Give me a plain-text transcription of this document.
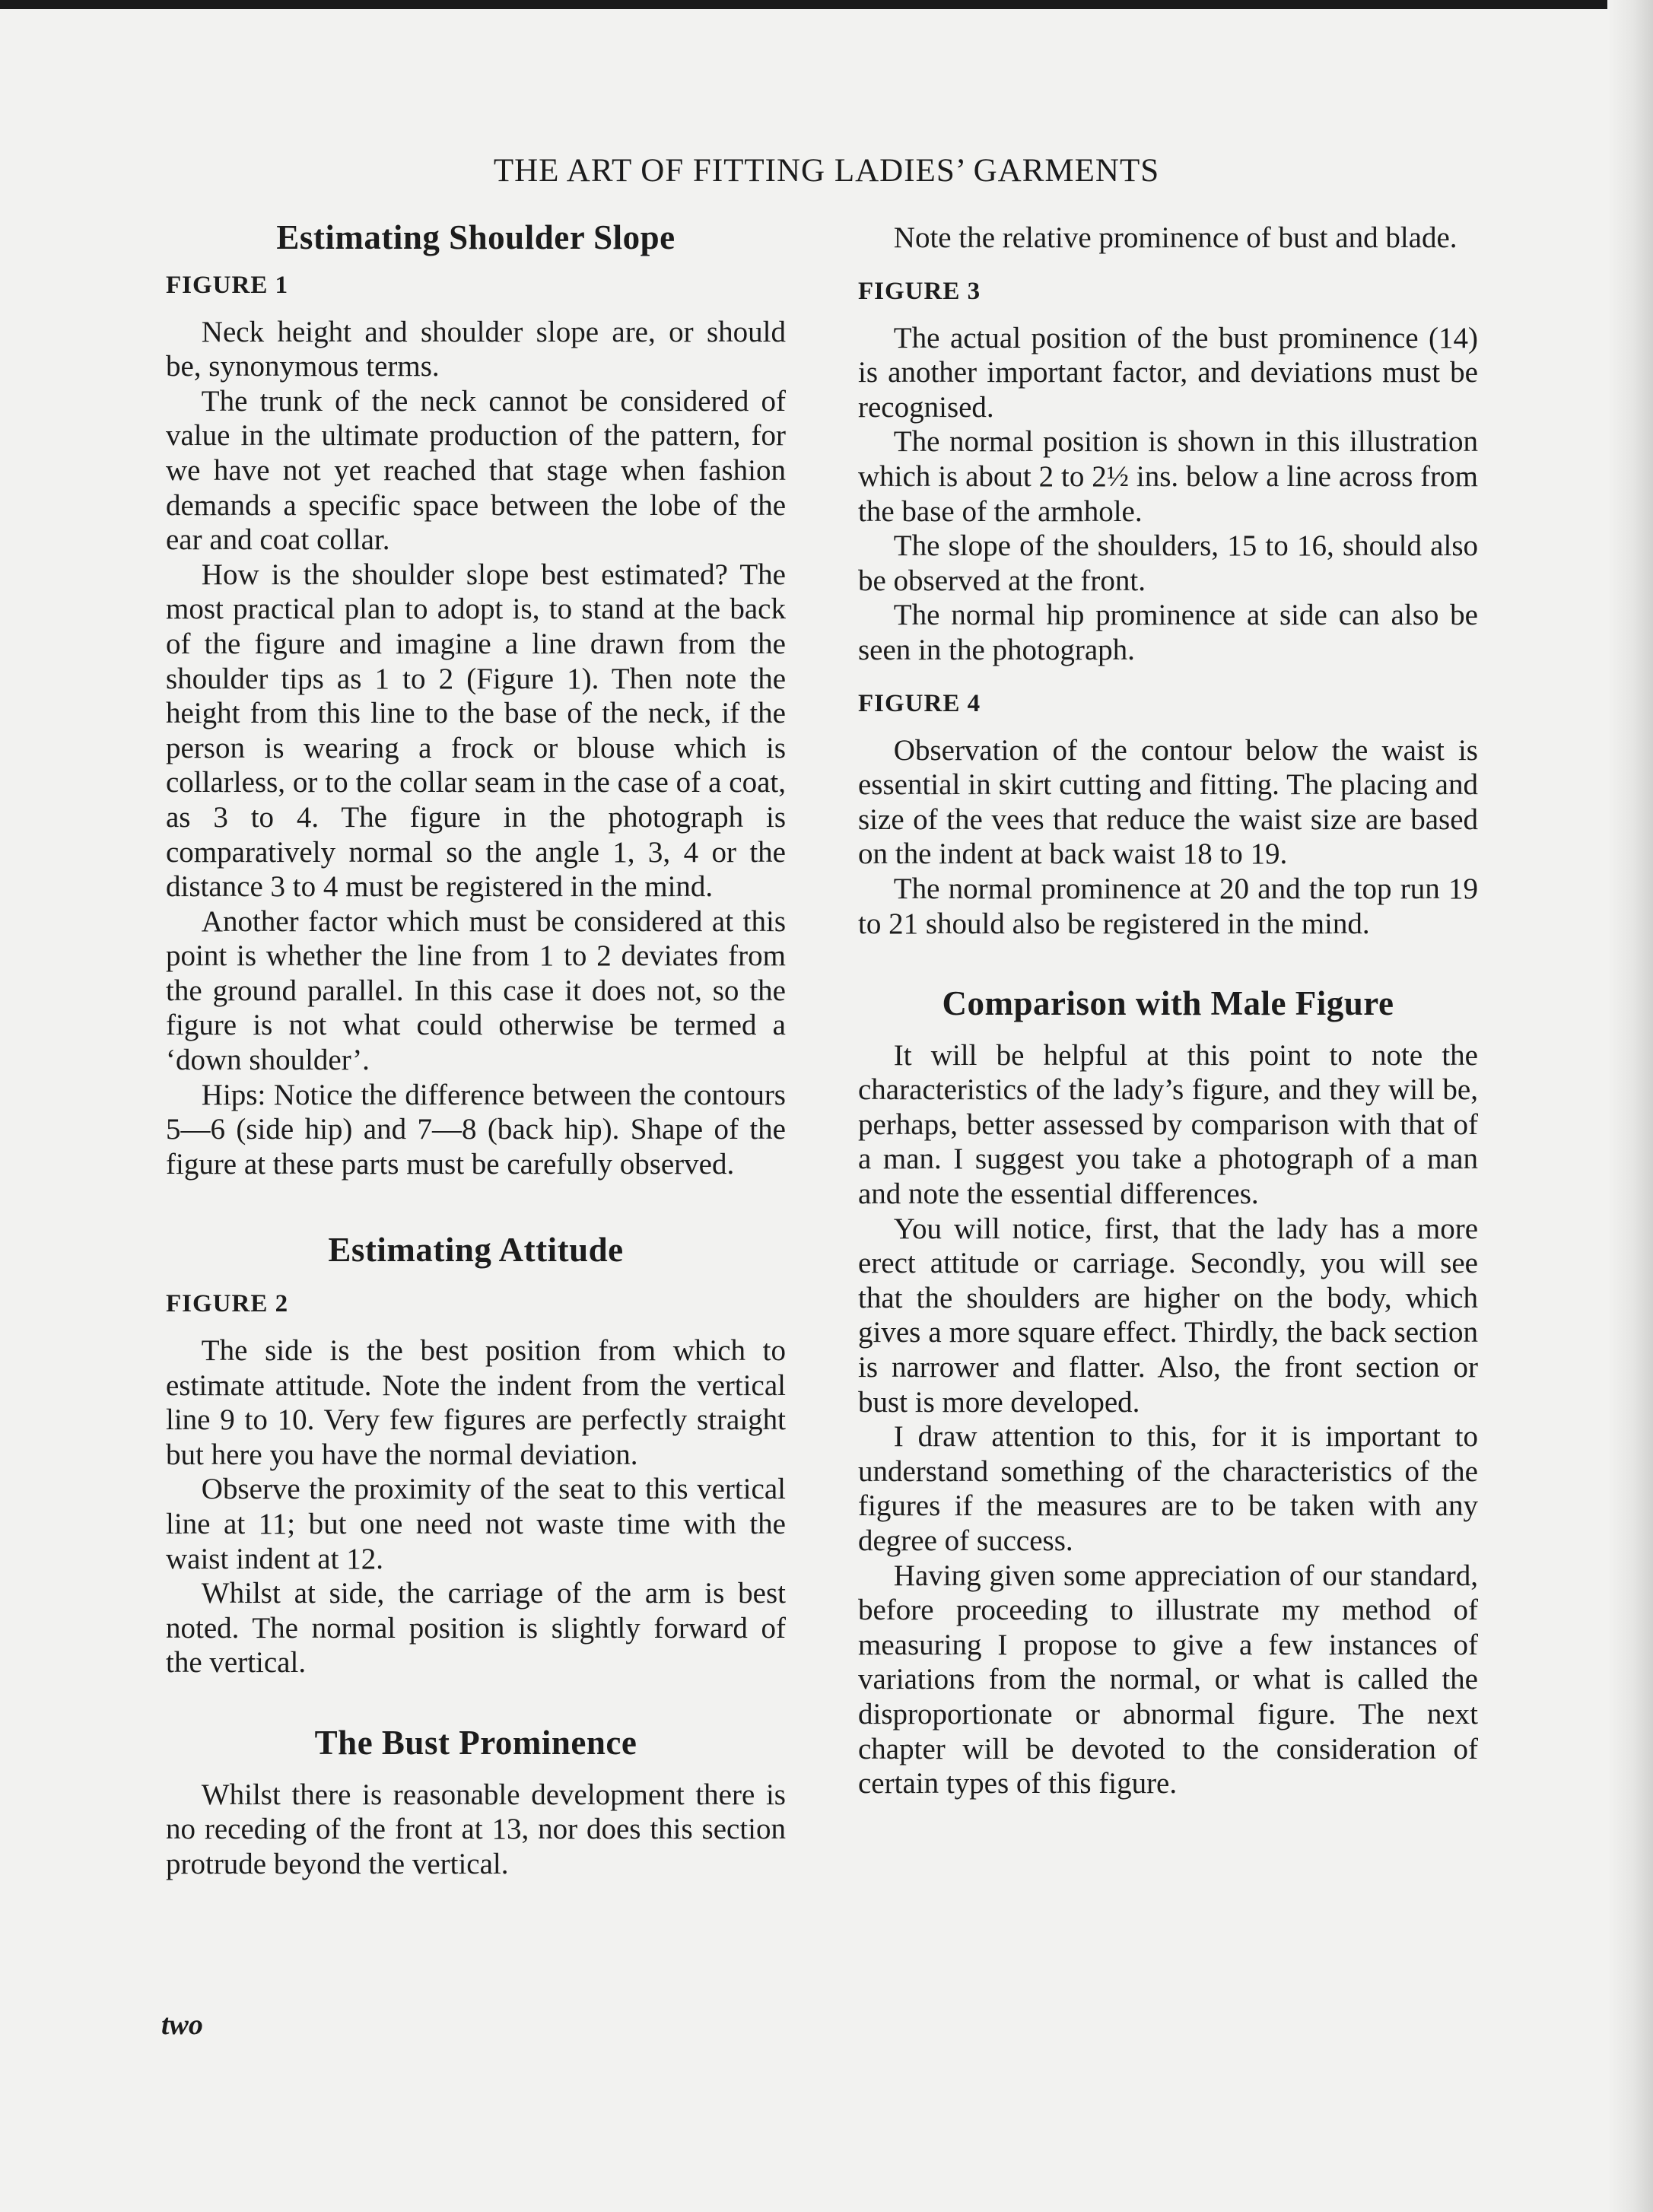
THE ART OF FITTING LADIES’ GARMENTS
Estimating Shoulder Slope
FIGURE 1

Neck height and shoulder slope are, or should be, synonymous terms.

The trunk of the neck cannot be considered of value in the ultimate production of the pattern, for we have not yet reached that stage when fashion demands a specific space between the lobe of the ear and coat collar.

How is the shoulder slope best estimated? The most practical plan to adopt is, to stand at the back of the figure and imagine a line drawn from the shoulder tips as 1 to 2 (Figure 1). Then note the height from this line to the base of the neck, if the person is wearing a frock or blouse which is collarless, or to the collar seam in the case of a coat, as 3 to 4. The figure in the photograph is comparatively normal so the angle 1, 3, 4 or the distance 3 to 4 must be registered in the mind.

Another factor which must be considered at this point is whether the line from 1 to 2 deviates from the ground parallel. In this case it does not, so the figure is not what could otherwise be termed a ‘down shoulder’.

Hips: Notice the difference between the contours 5—6 (side hip) and 7—8 (back hip). Shape of the figure at these parts must be carefully observed.

Estimating Attitude
FIGURE 2

The side is the best position from which to estimate attitude. Note the indent from the vertical line 9 to 10. Very few figures are perfectly straight but here you have the normal deviation.

Observe the proximity of the seat to this vertical line at 11; but one need not waste time with the waist indent at 12.

Whilst at side, the carriage of the arm is best noted. The normal position is slightly forward of the vertical.

The Bust Prominence

Whilst there is reasonable development there is no receding of the front at 13, nor does this section protrude beyond the vertical.

Note the relative prominence of bust and blade.

FIGURE 3

The actual position of the bust prominence (14) is another important factor, and deviations must be recognised.

The normal position is shown in this illustration which is about 2 to 2½ ins. below a line across from the base of the armhole.

The slope of the shoulders, 15 to 16, should also be observed at the front.

The normal hip prominence at side can also be seen in the photograph.

FIGURE 4

Observation of the contour below the waist is essential in skirt cutting and fitting. The placing and size of the vees that reduce the waist size are based on the indent at back waist 18 to 19.

The normal prominence at 20 and the top run 19 to 21 should also be registered in the mind.

Comparison with Male Figure

It will be helpful at this point to note the characteristics of the lady’s figure, and they will be, perhaps, better assessed by comparison with that of a man. I suggest you take a photograph of a man and note the essential differences.

You will notice, first, that the lady has a more erect attitude or carriage. Secondly, you will see that the shoulders are higher on the body, which gives a more square effect. Thirdly, the back section is narrower and flatter. Also, the front section or bust is more developed.

I draw attention to this, for it is important to understand something of the characteristics of the figures if the measures are to be taken with any degree of success.

Having given some appreciation of our standard, before proceeding to illustrate my method of measuring I propose to give a few instances of variations from the normal, or what is called the disproportionate or abnormal figure. The next chapter will be devoted to the consideration of certain types of this figure.

two
